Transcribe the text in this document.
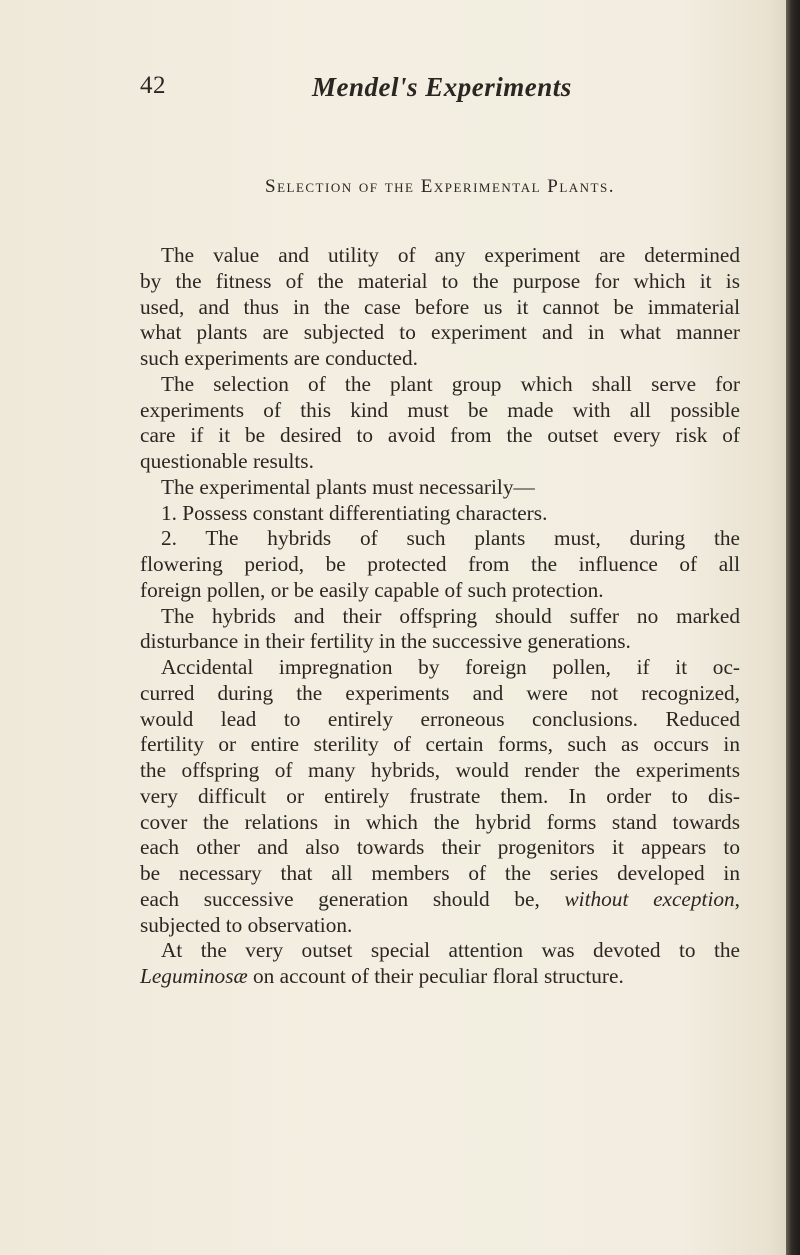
42	Mendel's Experiments
Selection of the Experimental Plants.
The value and utility of any experiment are determined
by the fitness of the material to the purpose for which it is
used, and thus in the case before us it cannot be immaterial
what plants are subjected to experiment and in what manner
such experiments are conducted.
The selection of the plant group which shall serve for
experiments of this kind must be made with all possible
care if it be desired to avoid from the outset every risk of
questionable results.
The experimental plants must necessarily—
1. Possess constant differentiating characters.
2. The hybrids of such plants must, during the
flowering period, be protected from the influence of all
foreign pollen, or be easily capable of such protection.
The hybrids and their offspring should suffer no marked
disturbance in their fertility in the successive generations.
Accidental impregnation by foreign pollen, if it oc-
curred during the experiments and were not recognized,
would lead to entirely erroneous conclusions. Reduced
fertility or entire sterility of certain forms, such as occurs in
the offspring of many hybrids, would render the experiments
very difficult or entirely frustrate them. In order to dis-
cover the relations in which the hybrid forms stand towards
each other and also towards their progenitors it appears to
be necessary that all members of the series developed in
each successive generation should be, without exception,
subjected to observation.
At the very outset special attention was devoted to the
Leguminosæ on account of their peculiar floral structure.
